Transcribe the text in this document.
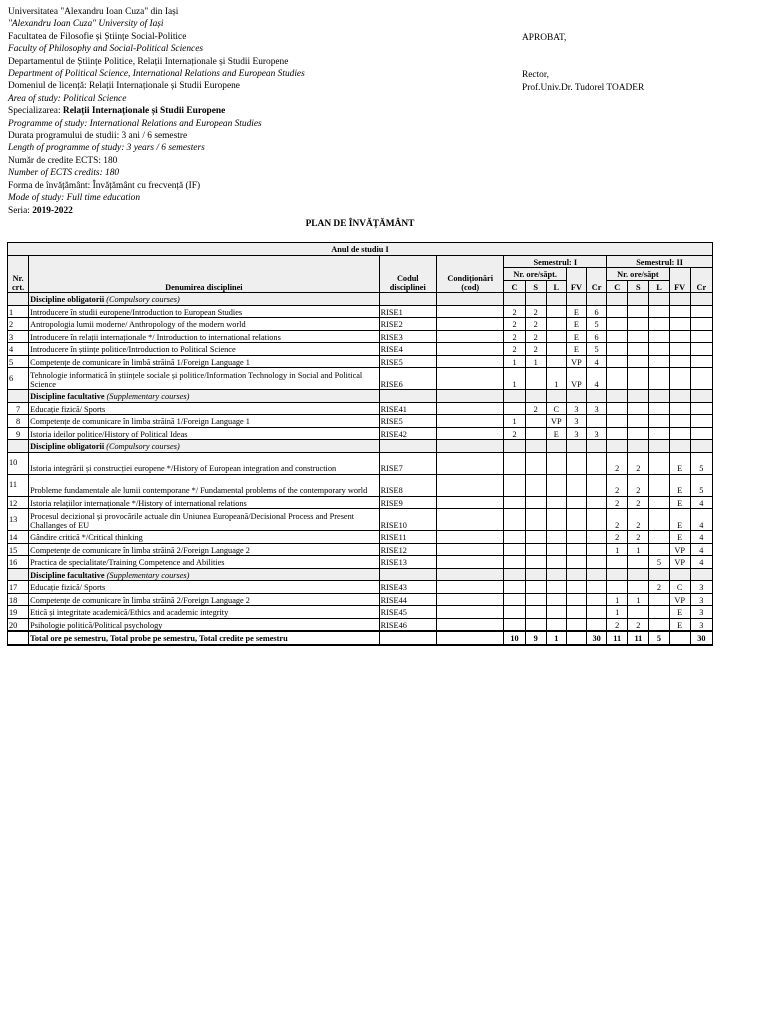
Universitatea "Alexandru Ioan Cuza" din Iași
"Alexandru Ioan Cuza" University of Iași
Facultatea de Filosofie și Științe Social-Politice
Faculty of Philosophy and Social-Political Sciences
Departamentul de Științe Politice, Relații Internaționale și Studii Europene
Department of Political Science, International Relations and European Studies
Domeniul de licență: Relații Internaționale și Studii Europene
Area of study: Political Science
Specializarea: Relații Internaționale și Studii Europene
Programme of study: International Relations and European Studies
Durata programului de studii: 3 ani / 6 semestre
Length of programme of study: 3 years / 6 semesters
Număr de credite ECTS: 180
Number of ECTS credits: 180
Forma de învățământ: Învățământ cu frecvență (IF)
Mode of study: Full time education
Seria: 2019-2022
APROBAT,
Rector,
Prof.Univ.Dr. Tudorel TOADER
PLAN DE ÎNVĂȚĂMÂNT
Anul de studiu I													
Nr. crt.	Denumirea disciplinei	Codul disciplinei	Condiționări (cod)	Semestrul: I					Semestrul: II				
				Nr. ore/săpt.			FV	Cr	Nr. ore/săpt			FV	Cr
				C	S	L			C	S	L		
	Discipline obligatorii (Compulsory courses)												
1	Introducere în studii europene/Introduction to European Studies	RISE1		2	2		E	6					
2	Antropologia lumii moderne/ Anthropology of the modern world	RISE2		2	2		E	5					
3	Introducere în relații internaționale */ Introduction to international relations	RISE3		2	2		E	6					
4	Introducere în științe politice/Introduction to Political Science	RISE4		2	2		E	5					
5	Competențe de comunicare în limbă străină 1/Foreign Language 1	RISE5		1	1		VP	4					
6	Tehnologie informatică în științele sociale și politice/Information Technology in Social and Political Science	RISE6		1		1	VP	4					
	Discipline facultative (Supplementary courses)												
7	Educație fizică/ Sports	RISE41			2	C	3	3					
8	Competențe de comunicare în limba străină 1/Foreign Language 1	RISE5		1		VP	3						
9	Istoria ideilor politice/History of Political Ideas	RISE42		2		E	3	3					
	Discipline obligatorii (Compulsory courses)												
10	Istoria integrării și construcției europene */History of European integration and construction	RISE7							2	2		E	5
11	Probleme fundamentale ale lumii contemporane */ Fundamental problems of the contemporary world	RISE8							2	2		E	5
12	Istoria relațiilor internaționale */History of international relations	RISE9							2	2		E	4
13	Procesul decizional și provocările actuale din Uniunea Europeană/Decisional Process and Present Challanges of EU	RISE10							2	2		E	4
14	Gândire critică */Critical thinking	RISE11							2	2		E	4
15	Competențe de comunicare în limba străină 2/Foreign Language 2	RISE12							1	1		VP	4
16	Practica de specialitate/Training Competence and Abilities	RISE13									5	VP	4
	Discipline facultative (Supplementary courses)												
17	Educație fizică/ Sports	RISE43									2	C	3
18	Competențe de comunicare în limba străină 2/Foreign Language 2	RISE44							1	1		VP	3
19	Etică și integritate academică/Ethics and academic integrity	RISE45							1			E	3
20	Psihologie politică/Political psychology	RISE46							2	2		E	3
	Total ore pe semestru, Total probe pe semestru, Total credite pe semestru			10	9	1		30	11	11	5		30
